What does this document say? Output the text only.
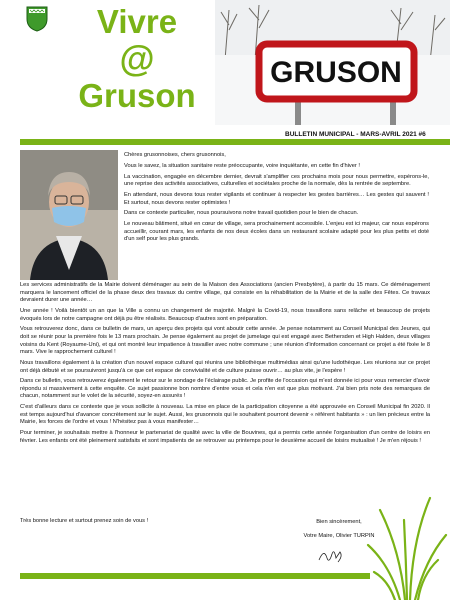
Vivre
@
Gruson
GRUSON
BULLETIN MUNICIPAL - MARS-AVRIL 2021 #6

Chères grusonnoises, chers grusonnois,

Vous le savez, la situation sanitaire reste préoccupante, voire inquiétante, en cette fin d'hiver !

La vaccination, engagée en décembre dernier, devrait s'amplifier ces prochains mois pour nous permettre, espérons-le, une reprise des activités associatives, culturelles et sociétales proche de la normale, dès la rentrée de septembre.

En attendant, nous devons tous rester vigilants et continuer à respecter les gestes barrières… Les gestes qui sauvent ! Et surtout, nous devons rester optimistes !

Dans ce contexte particulier, nous poursuivons notre travail quotidien pour le bien de chacun.

Le nouveau bâtiment, situé en cœur de village, sera prochainement accessible. L'enjeu est ici majeur, car nous espérons accueillir, courant mars, les enfants de nos deux écoles dans un restaurant scolaire adapté pour les plus petits et doté d'un self pour les plus grands.

Les services administratifs de la Mairie doivent déménager au sein de la Maison des Associations (ancien Presbytère), à partir du 15 mars. Ce déménagement marquera le lancement officiel de la phase deux des travaux du centre village, qui consiste en la réhabilitation de la Mairie et de la salle des Fêtes. Ce travaux devraient durer une année…

Une année ! Voilà bientôt un an que la Ville a connu un changement de majorité. Malgré la Covid-19, nous travaillons sans relâche et beaucoup de projets évoqués lors de notre campagne ont déjà pu être réalisés. Beaucoup d'autres sont en préparation.

Vous retrouverez donc, dans ce bulletin de mars, un aperçu des projets qui vont aboutir cette année. Je pense notamment au Conseil Municipal des Jeunes, qui doit se réunir pour la première fois le 13 mars prochain. Je pense également au projet de jumelage qui est engagé avec Bethersden et High Halden, deux villages voisins du Kent (Royaume-Uni), et qui ont montré leur impatience à travailler avec notre commune ; une réunion d'information concernant ce projet a été fixée le 8 mars. Vive le rapprochement culturel !

Nous travaillons également à la création d'un nouvel espace culturel qui réunira une bibliothèque multimédias ainsi qu'une ludothèque. Les réunions sur ce projet ont déjà débuté et se poursuivront jusqu'à ce que cet espace de convivialité et de culture puisse ouvrir… au plus vite, je l'espère !

Dans ce bulletin, vous retrouverez également le retour sur le sondage de l'éclairage public. Je profite de l'occasion qui m'est donnée ici pour vous remercier d'avoir répondu si massivement à cette enquête. Ce sujet passionne bon nombre d'entre vous et cela n'en est que plus motivant. J'ai bien pris note des remarques de chacun, notamment sur le volet de la sécurité, soyez-en assurés !

C'est d'ailleurs dans ce contexte que je vous sollicite à nouveau. La mise en place de la participation citoyenne a été approuvée en Conseil Municipal fin 2020. Il est temps aujourd'hui d'avancer concrètement sur le sujet. Aussi, les grusonnois qui le souhaitent pourront devenir « référent habitants » : un lien précieux entre la Mairie, les forces de l'ordre et vous ! N'hésitez pas à vous manifester…

Pour terminer, je souhaitais mettre à l'honneur le partenariat de qualité avec la ville de Bouvines, qui a permis cette année l'organisation d'un centre de loisirs en février. Les enfants ont été pleinement satisfaits et sont impatients de se retrouver au printemps pour le deuxième accueil de loisirs mutualisé ! Je m'en réjouis !

Très bonne lecture et surtout prenez soin de vous !	Bien sincèrement,
Votre Maire, Olivier TURPIN
